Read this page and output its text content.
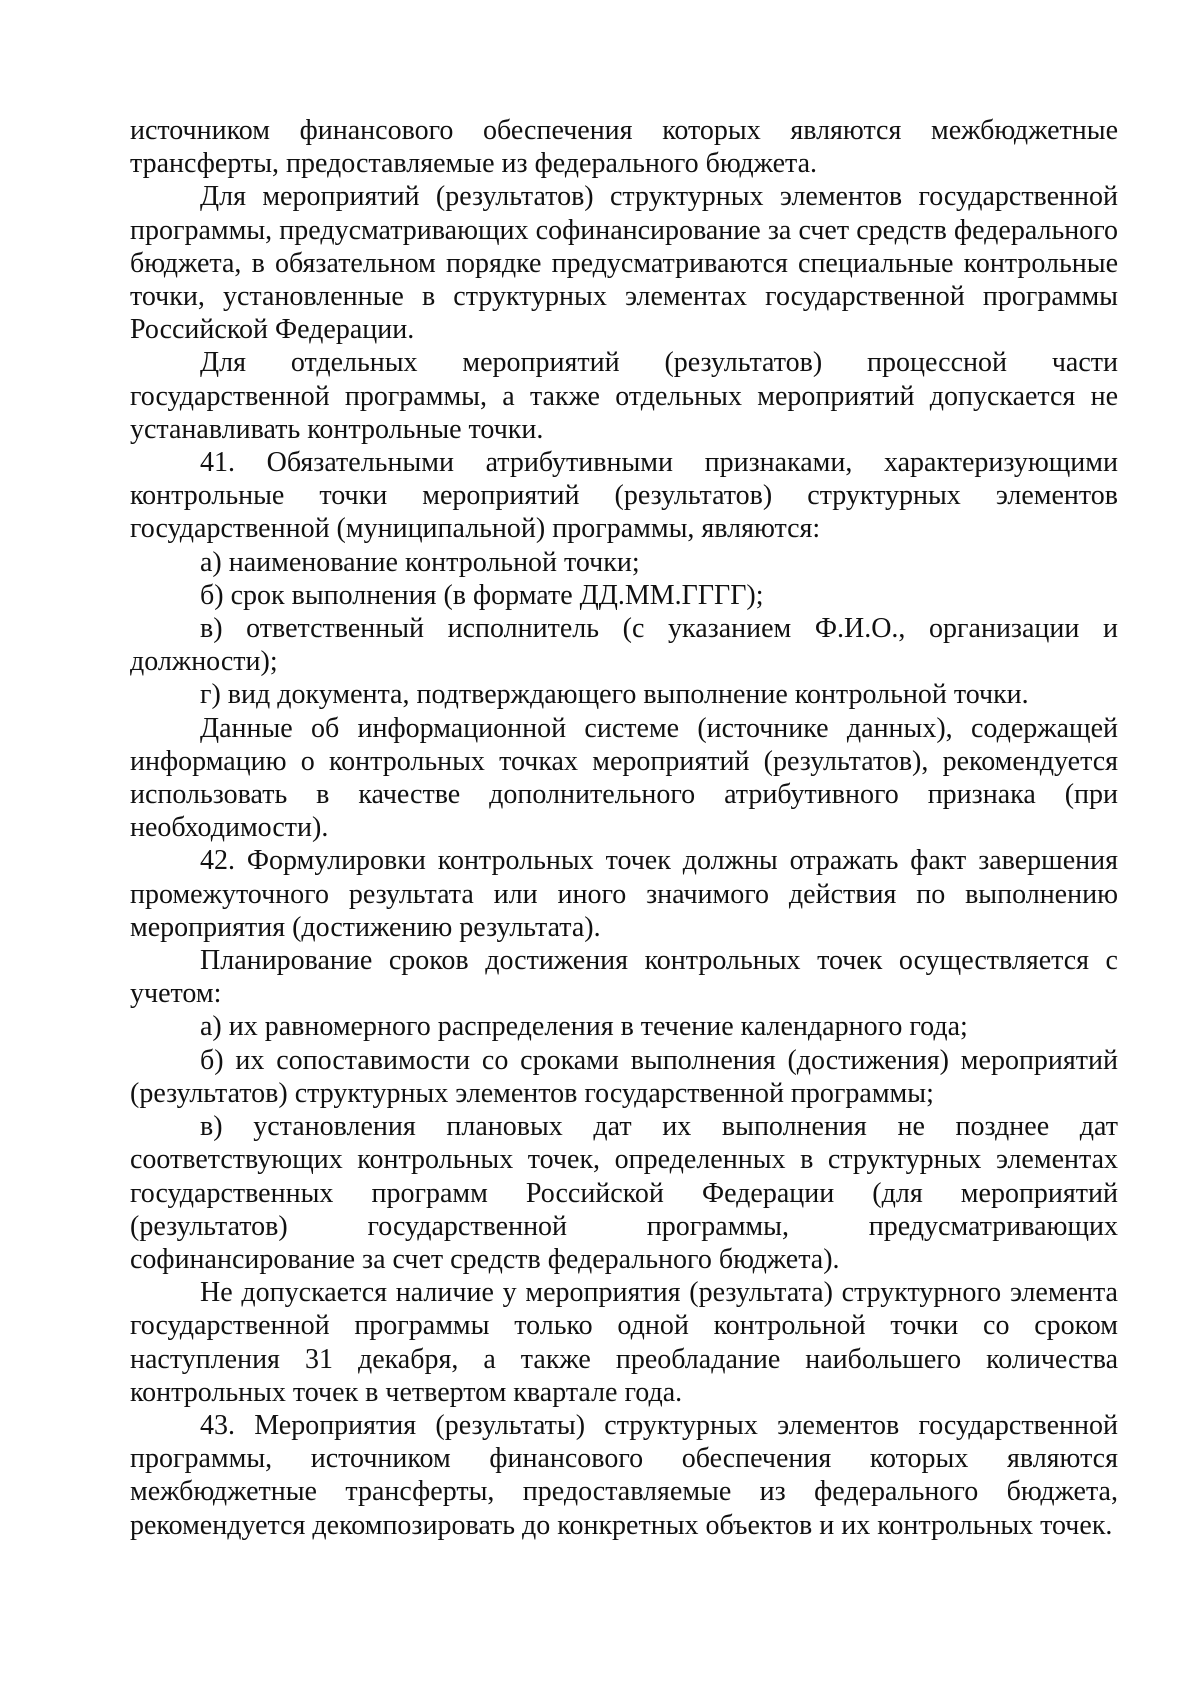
источником финансового обеспечения которых являются межбюджетные трансферты, предоставляемые из федерального бюджета.

Для мероприятий (результатов) структурных элементов государственной программы, предусматривающих софинансирование за счет средств федерального бюджета, в обязательном порядке предусматриваются специальные контрольные точки, установленные в структурных элементах государственной программы Российской Федерации.

Для отдельных мероприятий (результатов) процессной части государственной программы, а также отдельных мероприятий допускается не устанавливать контрольные точки.

41. Обязательными атрибутивными признаками, характеризующими контрольные точки мероприятий (результатов) структурных элементов государственной (муниципальной) программы, являются:

а) наименование контрольной точки;

б) срок выполнения (в формате ДД.ММ.ГГГГ);

в) ответственный исполнитель (с указанием Ф.И.О., организации и должности);

г) вид документа, подтверждающего выполнение контрольной точки.

Данные об информационной системе (источнике данных), содержащей информацию о контрольных точках мероприятий (результатов), рекомендуется использовать в качестве дополнительного атрибутивного признака (при необходимости).

42. Формулировки контрольных точек должны отражать факт завершения промежуточного результата или иного значимого действия по выполнению мероприятия (достижению результата).

Планирование сроков достижения контрольных точек осуществляется с учетом:

а) их равномерного распределения в течение календарного года;

б) их сопоставимости со сроками выполнения (достижения) мероприятий (результатов) структурных элементов государственной программы;

в) установления плановых дат их выполнения не позднее дат соответствующих контрольных точек, определенных в структурных элементах государственных программ Российской Федерации (для мероприятий (результатов) государственной программы, предусматривающих софинансирование за счет средств федерального бюджета).

Не допускается наличие у мероприятия (результата) структурного элемента государственной программы только одной контрольной точки со сроком наступления 31 декабря, а также преобладание наибольшего количества контрольных точек в четвертом квартале года.

43. Мероприятия (результаты) структурных элементов государственной программы, источником финансового обеспечения которых являются межбюджетные трансферты, предоставляемые из федерального бюджета, рекомендуется декомпозировать до конкретных объектов и их контрольных точек.
